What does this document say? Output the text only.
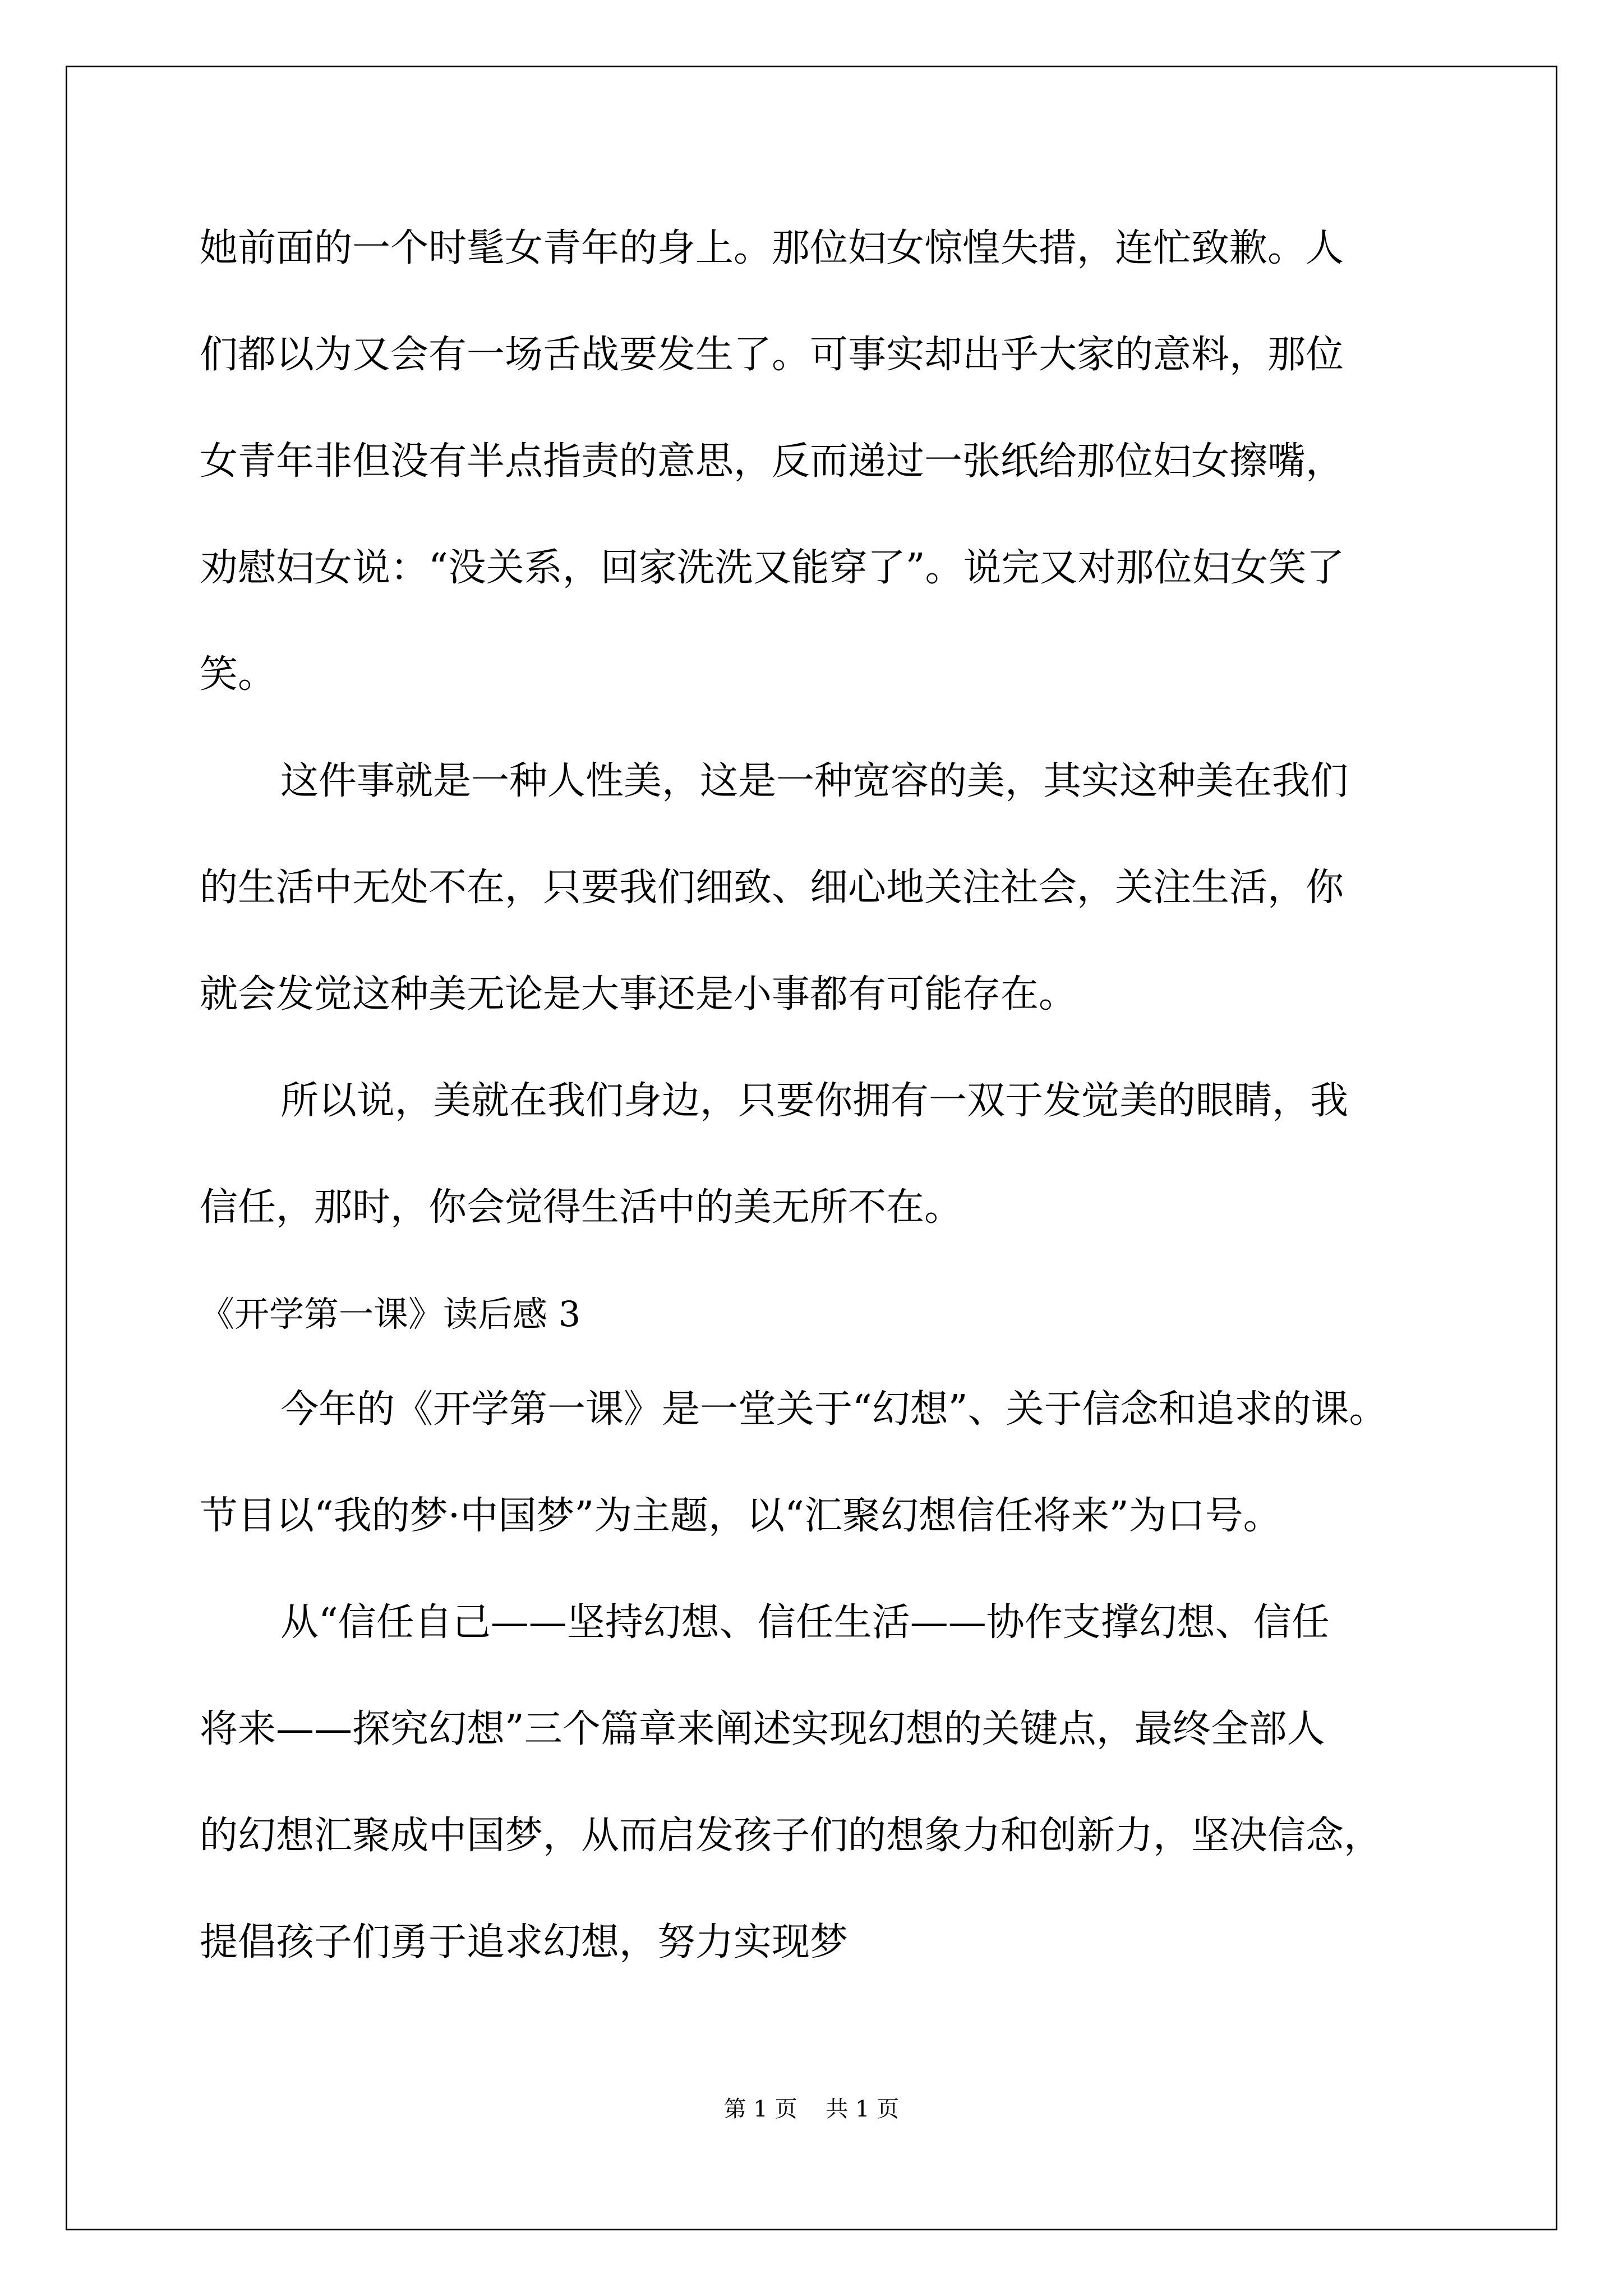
她前面的一个时髦女青年的身上。那位妇女惊惶失措，连忙致歉。人

们都以为又会有一场舌战要发生了。可事实却出乎大家的意料，那位

女青年非但没有半点指责的意思，反而递过一张纸给那位妇女擦嘴，

劝慰妇女说：“没关系，回家洗洗又能穿了”。说完又对那位妇女笑了

笑。

这件事就是一种人性美，这是一种宽容的美，其实这种美在我们

的生活中无处不在，只要我们细致、细心地关注社会，关注生活，你

就会发觉这种美无论是大事还是小事都有可能存在。

所以说，美就在我们身边，只要你拥有一双于发觉美的眼睛，我

信任，那时，你会觉得生活中的美无所不在。

《开学第一课》读后感 3

今年的《开学第一课》是一堂关于“幻想”、关于信念和追求的课。

节目以“我的梦·中国梦”为主题，以“汇聚幻想信任将来”为口号。

从“信任自己——坚持幻想、信任生活——协作支撑幻想、信任

将来——探究幻想”三个篇章来阐述实现幻想的关键点，最终全部人

的幻想汇聚成中国梦，从而启发孩子们的想象力和创新力，坚决信念，

提倡孩子们勇于追求幻想，努力实现梦

第 1 页    共 1 页
